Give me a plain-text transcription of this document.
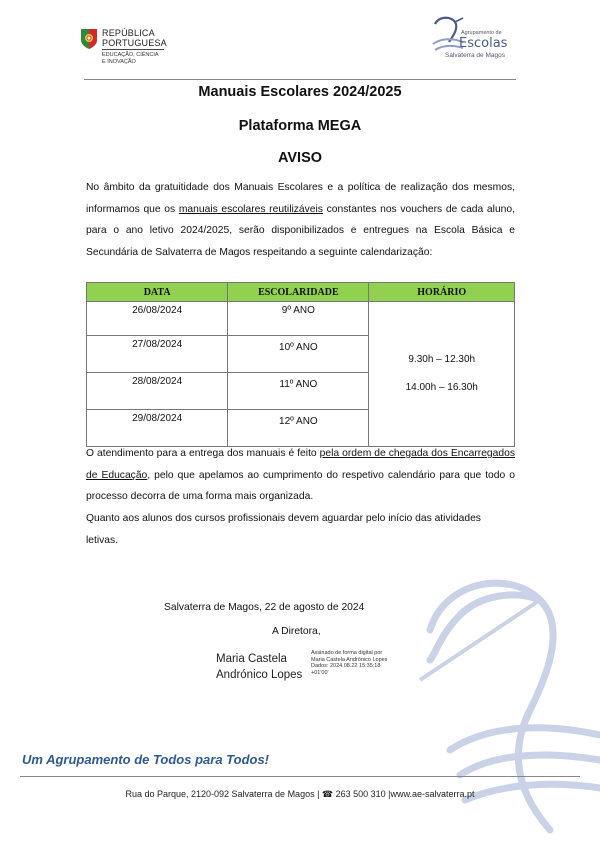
REPÚBLICA
PORTUGUESA
EDUCAÇÃO, CIÊNCIA
E INOVAÇÃO
Agrupamento de
Escolas
Salvaterra de Magos
Manuais Escolares 2024/2025
Plataforma MEGA
AVISO
No âmbito da gratuitidade dos Manuais Escolares e a política de realização dos mesmos, informamos que os manuais escolares reutilizáveis constantes nos vouchers de cada aluno, para o ano letivo 2024/2025, serão disponibilizados e entregues na Escola Básica e Secundária de Salvaterra de Magos respeitando a seguinte calendarização:
DATA	ESCOLARIDADE	HORÁRIO
26/08/2024	9º ANO	9.30h – 12.30h
14.00h – 16.30h

27/08/2024	10º ANO	
28/08/2024	11º ANO	
29/08/2024	12º ANO	
O atendimento para a entrega dos manuais é feito pela ordem de chegada dos Encarregados de Educação, pelo que apelamos ao cumprimento do respetivo calendário para que todo o processo decorra de uma forma mais organizada.
Quanto aos alunos dos cursos profissionais devem aguardar pelo início das atividades letivas.
Salvaterra de Magos, 22 de agosto de 2024
A Diretora,
Maria Castela
Andrónico Lopes
Assinado de forma digital por
Maria Castela Andrónico Lopes
Dados: 2024.08.22 15:35:18
+01'00'
Um Agrupamento de Todos para Todos!
Rua do Parque, 2120-092 Salvaterra de Magos | ☎ 263 500 310 |www.ae-salvaterra.pt
